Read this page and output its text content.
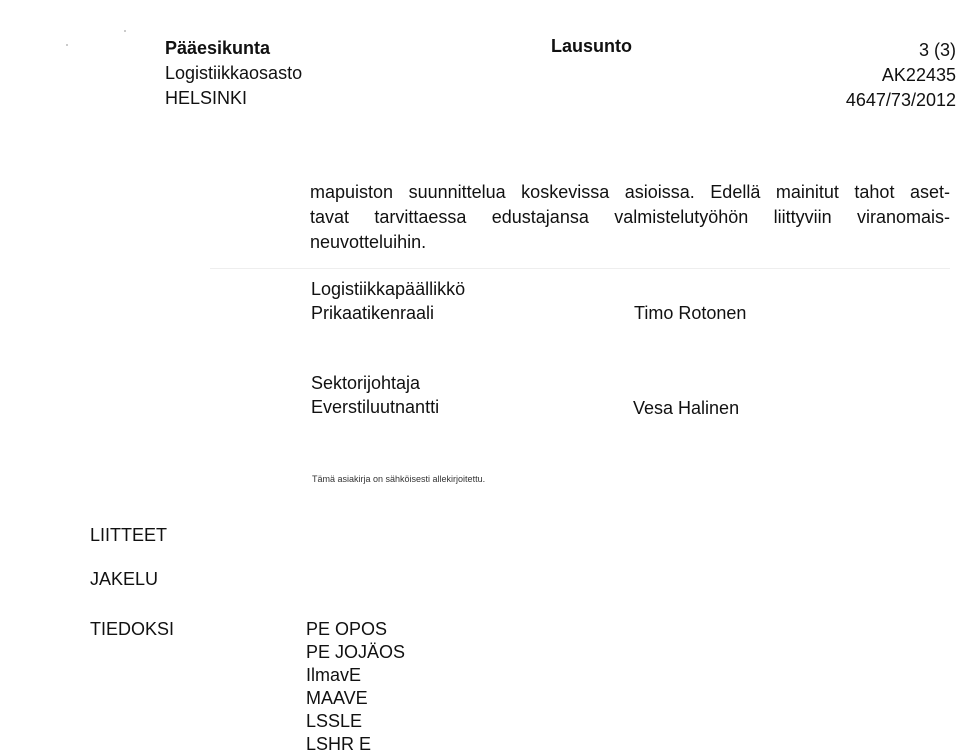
Pääesikunta
Logistiikkaosasto
HELSINKI
Lausunto	3 (3)
AK22435
4647/73/2012
mapuiston suunnittelua koskevissa asioissa. Edellä mainitut tahot aset-
tavat tarvittaessa edustajansa valmistelutyöhön liittyviin viranomais-
neuvotteluihin.
Logistiikkapäällikkö
Prikaatikenraali	Timo Rotonen
Sektorijohtaja
Everstiluutnantti	Vesa Halinen
Tämä asiakirja on sähköisesti allekirjoitettu.
LIITTEET
JAKELU
TIEDOKSI	PE OPOS
PE JOJÄOS
IlmavE
MAAVE
LSSLE
LSHR E
